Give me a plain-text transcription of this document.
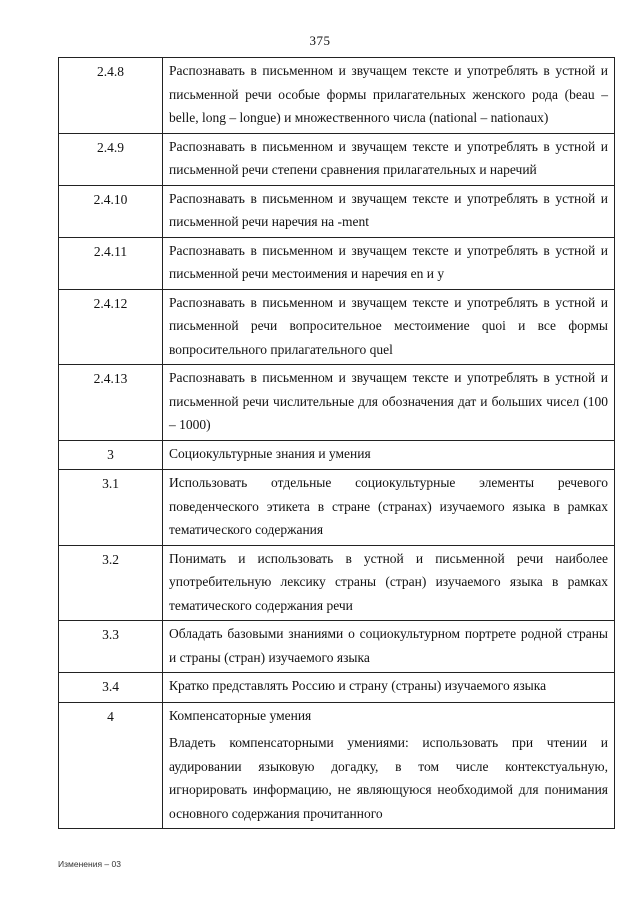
375
2.4.8	Распознавать в письменном и звучащем тексте и употреблять в устной и письменной речи особые формы прилагательных женского рода (beau – belle, long – longue) и множественного числа (national – nationaux)
2.4.9	Распознавать в письменном и звучащем тексте и употреблять в устной и письменной речи степени сравнения прилагательных и наречий
2.4.10	Распознавать в письменном и звучащем тексте и употреблять в устной и письменной речи наречия на -ment
2.4.11	Распознавать в письменном и звучащем тексте и употреблять в устной и письменной речи местоимения и наречия en и y
2.4.12	Распознавать в письменном и звучащем тексте и употреблять в устной и письменной речи вопросительное местоимение quoi и все формы вопросительного прилагательного quel
2.4.13	Распознавать в письменном и звучащем тексте и употреблять в устной и письменной речи числительные для обозначения дат и больших чисел (100 – 1000)
3	Социокультурные знания и умения
3.1	Использовать отдельные социокультурные элементы речевого поведенческого этикета в стране (странах) изучаемого языка в рамках тематического содержания
3.2	Понимать и использовать в устной и письменной речи наиболее употребительную лексику страны (стран) изучаемого языка в рамках тематического содержания речи
3.3	Обладать базовыми знаниями о социокультурном портрете родной страны и страны (стран) изучаемого языка
3.4	Кратко представлять Россию и страну (страны) изучаемого языка
4	Компенсаторные умения
	Владеть компенсаторными умениями: использовать при чтении и аудировании языковую догадку, в том числе контекстуальную, игнорировать информацию, не являющуюся необходимой для понимания основного содержания прочитанного
Изменения – 03
